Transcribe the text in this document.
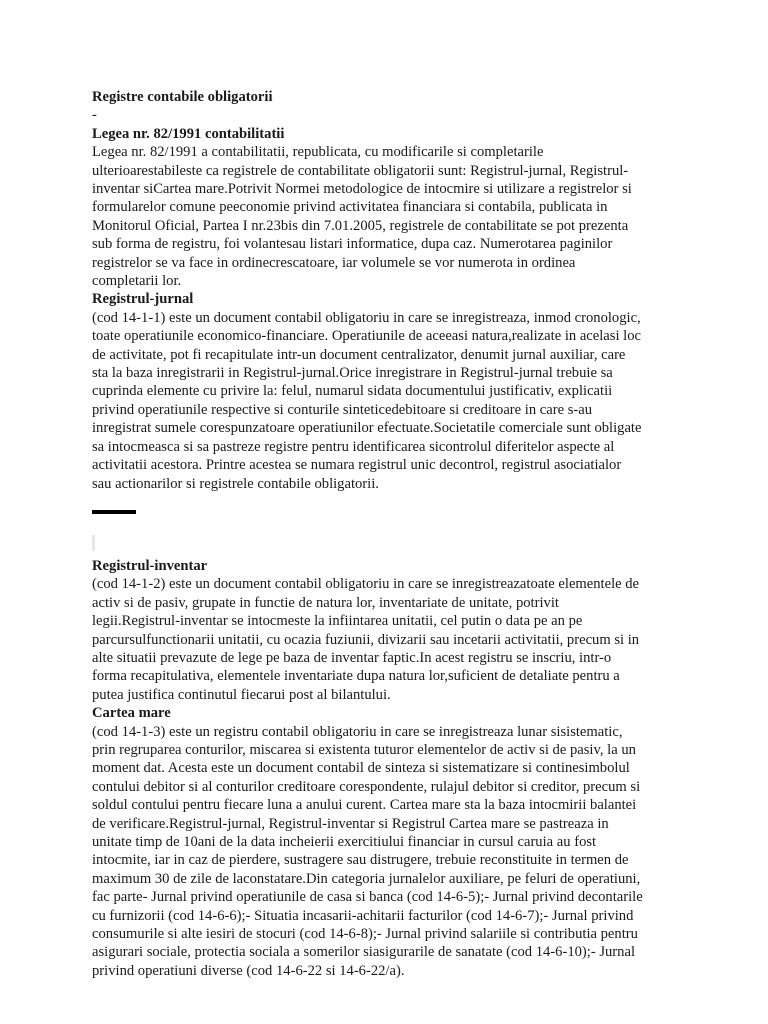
Registre contabile obligatorii

-

Legea nr. 82/1991 contabilitatii

Legea nr. 82/1991 a contabilitatii, republicata, cu modificarile si completarile
ulterioarestabileste ca registrele de contabilitate obligatorii sunt: Registrul-jurnal, Registrul-
inventar siCartea mare.Potrivit Normei metodologice de intocmire si utilizare a registrelor si
formularelor comune peeconomie privind activitatea financiara si contabila, publicata in
Monitorul Oficial, Partea I nr.23bis din 7.01.2005, registrele de contabilitate se pot prezenta
sub forma de registru, foi volantesau listari informatice, dupa caz. Numerotarea paginilor
registrelor se va face in ordinecrescatoare, iar volumele se vor numerota in ordinea
completarii lor.

Registrul-jurnal

(cod 14-1-1) este un document contabil obligatoriu in care se inregistreaza, inmod cronologic,
toate operatiunile economico-financiare. Operatiunile de aceeasi natura,realizate in acelasi loc
de activitate, pot fi recapitulate intr-un document centralizator, denumit jurnal auxiliar, care
sta la baza inregistrarii in Registrul-jurnal.Orice inregistrare in Registrul-jurnal trebuie sa
cuprinda elemente cu privire la: felul, numarul sidata documentului justificativ, explicatii
privind operatiunile respective si conturile sinteticedebitoare si creditoare in care s-au
inregistrat sumele corespunzatoare operatiunilor efectuate.Societatile comerciale sunt obligate
sa intocmeasca si sa pastreze registre pentru identificarea sicontrolul diferitelor aspecte al
activitatii acestora. Printre acestea se numara registrul unic decontrol, registrul asociatialor
sau actionarilor si registrele contabile obligatorii.

Registrul-inventar

(cod 14-1-2) este un document contabil obligatoriu in care se inregistreazatoate elementele de
activ si de pasiv, grupate in functie de natura lor, inventariate de unitate, potrivit
legii.Registrul-inventar se intocmeste la infiintarea unitatii, cel putin o data pe an pe
parcursulfunctionarii unitatii, cu ocazia fuziunii, divizarii sau incetarii activitatii, precum si in
alte situatii prevazute de lege pe baza de inventar faptic.In acest registru se inscriu, intr-o
forma recapitulativa, elementele inventariate dupa natura lor,suficient de detaliate pentru a
putea justifica continutul fiecarui post al bilantului.

Cartea mare

(cod 14-1-3) este un registru contabil obligatoriu in care se inregistreaza lunar sisistematic,
prin regruparea conturilor, miscarea si existenta tuturor elementelor de activ si de pasiv, la un
moment dat. Acesta este un document contabil de sinteza si sistematizare si continesimbolul
contului debitor si al conturilor creditoare corespondente, rulajul debitor si creditor, precum si
soldul contului pentru fiecare luna a anului curent. Cartea mare sta la baza intocmirii balantei
de verificare.Registrul-jurnal, Registrul-inventar si Registrul Cartea mare se pastreaza in
unitate timp de 10ani de la data incheierii exercitiului financiar in cursul caruia au fost
intocmite, iar in caz de pierdere, sustragere sau distrugere, trebuie reconstituite in termen de
maximum 30 de zile de laconstatare.Din categoria jurnalelor auxiliare, pe feluri de operatiuni,
fac parte- Jurnal privind operatiunile de casa si banca (cod 14-6-5);- Jurnal privind decontarile
cu furnizorii (cod 14-6-6);- Situatia incasarii-achitarii facturilor (cod 14-6-7);- Jurnal privind
consumurile si alte iesiri de stocuri (cod 14-6-8);- Jurnal privind salariile si contributia pentru
asigurari sociale, protectia sociala a somerilor siasigurarile de sanatate (cod 14-6-10);- Jurnal
privind operatiuni diverse (cod 14-6-22 si 14-6-22/a).
